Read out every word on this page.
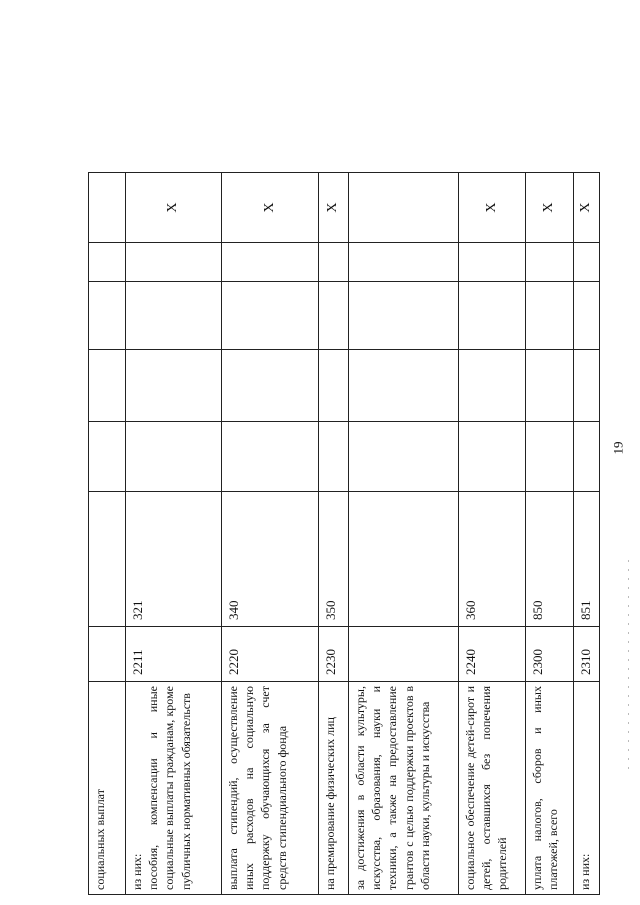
социальных выплат							
из них:
пособия, компенсации и иные социальные выплаты гражданам, кроме публичных нормативных обязательств	2211	321					Х
выплата стипендий, осуществление иных расходов на социальную поддержку обучающихся за счет средств стипендиального фонда	2220	340					Х
на премирование физических лиц	2230	350					Х
за достижения в области культуры, искусства, образования, науки и техники, а также на предоставление грантов с целью поддержки проектов в области науки, культуры и искусства							
социальное обеспечение детей-сирот и детей, оставшихся без попечения родителей	2240	360					Х
уплата налогов, сборов и иных платежей, всего	2300	850					Х
из них:	2310	851					Х
19
